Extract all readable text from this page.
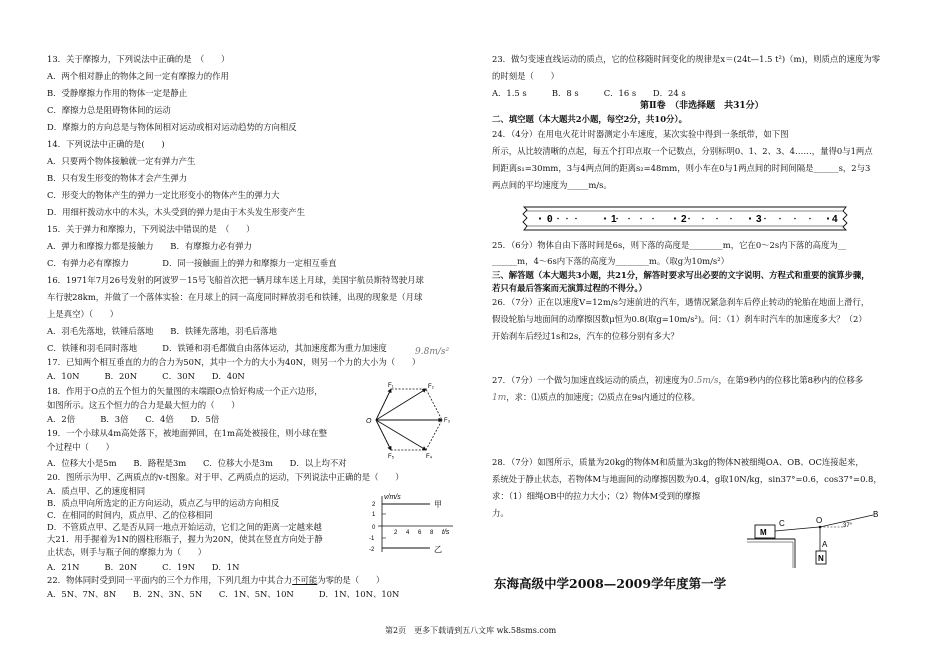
13．关于摩擦力，下列说法中正确的是　（　　）
A．两个相对静止的物体之间一定有摩擦力的作用
B．受静摩擦力作用的物体一定是静止
C．摩擦力总是阻碍物体间的运动
D．摩擦力的方向总是与物体间相对运动或相对运动趋势的方向相反
14．下列说法中正确的是(　　)
A．只要两个物体接触就一定有弹力产生
B．只有发生形变的物体才会产生弹力
C．形变大的物体产生的弹力一定比形变小的物体产生的弹力大
D．用细杆拨动水中的木头，木头受到的弹力是由于木头发生形变产生
15．关于弹力和摩擦力，下列说法中错误的是　（　　）
A．弹力和摩擦力都是接触力　　B．有摩擦力必有弹力
C．有弹力必有摩擦力　　　　D．同一接触面上的弹力和摩擦力一定相互垂直
16．1971年7月26号发射的阿波罗－15号飞船首次把一辆月球车送上月球，美国宇航员斯特驾驶月球
车行驶28km，并做了一个落体实验：在月球上的同一高度同时释放羽毛和铁锤，出现的现象是（月球
上是真空）（　　）
A．羽毛先落地，铁锤后落地　　B．铁锤先落地，羽毛后落地
C．铁锤和羽毛同时落地　　　D．铁锤和羽毛都做自由落体运动，其加速度都为重力加速度	9.8m/s²
17．已知两个相互垂直的力的合力为50N，其中一个力的大小为40N，则另一个力的大小为（　　）
A．10N　　　B．20N　　　C．30N　　D．40N
18．作用于O点的五个恒力的矢量图的末端跟O点恰好构成一个正六边形，
如图所示。这五个恒力的合力是最大恒力的（　　）
A．2倍　　　B．3倍　　C．4倍　　D．5倍
19．一个小球从4m高处落下，被地面弹回，在1m高处被接住，则小球在整
个过程中（　　）
A．位移大小是5m　　B．路程是3m　　C．位移大小是3m　　D．以上均不对
20．图所示为甲、乙两质点的v-t图象。对于甲、乙两质点的运动，下列说法中正确的是（　　）
A．质点甲、乙的速度相同
B．质点甲向所选定的正方向运动，质点乙与甲的运动方向相反
C．在相同的时间内，质点甲、乙的位移相同
D．不管质点甲、乙是否从同一地点开始运动，它们之间的距离一定越来越
大21．用手握着为1N的圆柱形瓶子，握力为20N，使其在竖直方向处于静
止状态，则手与瓶子间的摩擦力为（　　）
A．21N　　　B．20N　　　C．19N　　D．1N
22．物体同时受到同一平面内的三个力作用，下列几组力中其合力不可能为零的是（　　）
A．5N、7N、8N　　B．2N、3N、5N　　C．1N、5N、10N　　　D．1N、10N、10N
F₁	F₂
F₃
F₄
F₅
O
v/m/s
t/s
2
1
0
-1
-2
2 4 6 8
甲
乙
23．做匀变速直线运动的质点，它的位移随时间变化的规律是x＝(24t—1.5 t²)（m)，则质点的速度为零
的时刻是（　　）
A．1.5 s　　　B．8 s　　　C．16 s　　D．24 s
第Ⅱ卷　（非选择题　共31分）
二、填空题（本大题共2小题，每空2分，共10分）。
24．（4分）在用电火花计时器测定小车速度，某次实验中得到一条纸带，如下图
所示，从比较清晰的点起，每五个打印点取一个记数点，分别标明0、1、2、3、4……，量得0与1两点
间距离s₁=30mm，3与4两点间的距离s₂=48mm，则小车在0与1两点间的时间间隔是______s，2与3
两点间的平均速度为_____m/s。
0	1	2	3	4
25．（6分）物体自由下落时间是6s，则下落的高度是________m，它在0～2s内下落的高度为__
______m，4～6s内下落的高度为________m。（取g为10m/s²）
三、解答题（本大题共3小题，共21分，解答时要求写出必要的文字说明、方程式和重要的演算步骤，
若只有最后答案而无演算过程的不得分。）
26．（7分）正在以速度V=12m/s匀速前进的汽车，遇情况紧急刹车后停止转动的轮胎在地面上滑行，
假设轮胎与地面间的动摩擦因数μ恒为0.8(取g=10m/s²)。问：（1）刹车时汽车的加速度多大？（2）
开始刹车后经过1s和2s，汽车的位移分别有多大？
27．（7分）一个做匀加速直线运动的质点，初速度为0.5m/s，在第9秒内的位移比第8秒内的位移多
1m，求：⑴质点的加速度；⑵质点在9s内通过的位移。
28．（7分）如图所示，质量为20kg的物体M和质量为3kg的物体N被细绳OA、OB、OC连接起来，
系统处于静止状态，若物体M与地面间的动摩擦因数为0.4，g取10N/kg，sin37°=0.6，cos37°=0.8，
求：（1）细绳OB中的拉力大小；（2）物体M受到的摩擦
力。
M
C	O
37°
B
A
N
东海高级中学2008—2009学年度第一学
第2页　更多下载请到五八文库 wk.58sms.com
